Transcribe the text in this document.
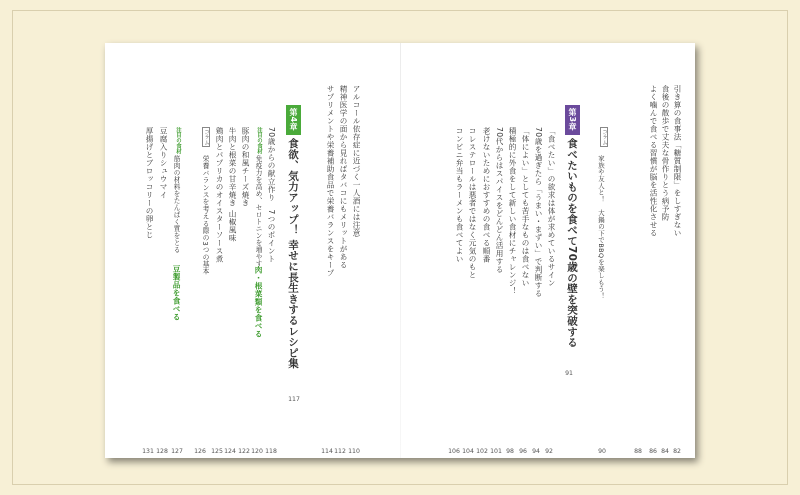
引き算の食事法「糖質制限」をしすぎない
82
食後の散歩で丈夫な骨作りとう病予防
84
よく噛んで食べる習慣が脳を活性化させる
86
コラム
家族や友人と！　大鍋の下でBBQを楽しもう！
90	88
第3章
食べたいものを食べて70歳の壁を突破する
91
「食べたい」の欲求は体が求めているサイン
92
70歳を過ぎたら「うまい・まずい」で判断する
94
「体によい」としても苦手なものは食べない
96
積極的に外食をして新しい食材にチャレンジ！
98
70代からはスパイスをどんどん活用する
101
老けないためにおすすめの食べる順番
102
コレステロールは悪者ではなく元気のもと
104
コンビニ弁当もラーメンも食べてよい
106
アルコール依存症に近づく一人酒には注意
110
精神医学の面から見ればタバコにもメリットがある
112
サプリメントや栄養補助食品で栄養バランスをキープ
114
第4章
食欲、気力アップ！ 幸せに長生きするレシピ集
117
70歳からの献立作り　7つのポイント
118
注目の食材
免疫力を高め、セロトニンを増やす
肉・根菜類を食べる
120
豚肉の和風チーズ焼き
122
牛肉と根菜の甘辛焼き 山椒風味
124
鶏肉とパプリカのオイスターソース煮
125
コラム
栄養バランスを考える際の3つの基本
126
注目の食材
筋肉の材料をたんぱく質をとる
豆製品を食べる
127
豆腐入りシュウマイ
128
厚揚げとブロッコリーの卵とじ
131
